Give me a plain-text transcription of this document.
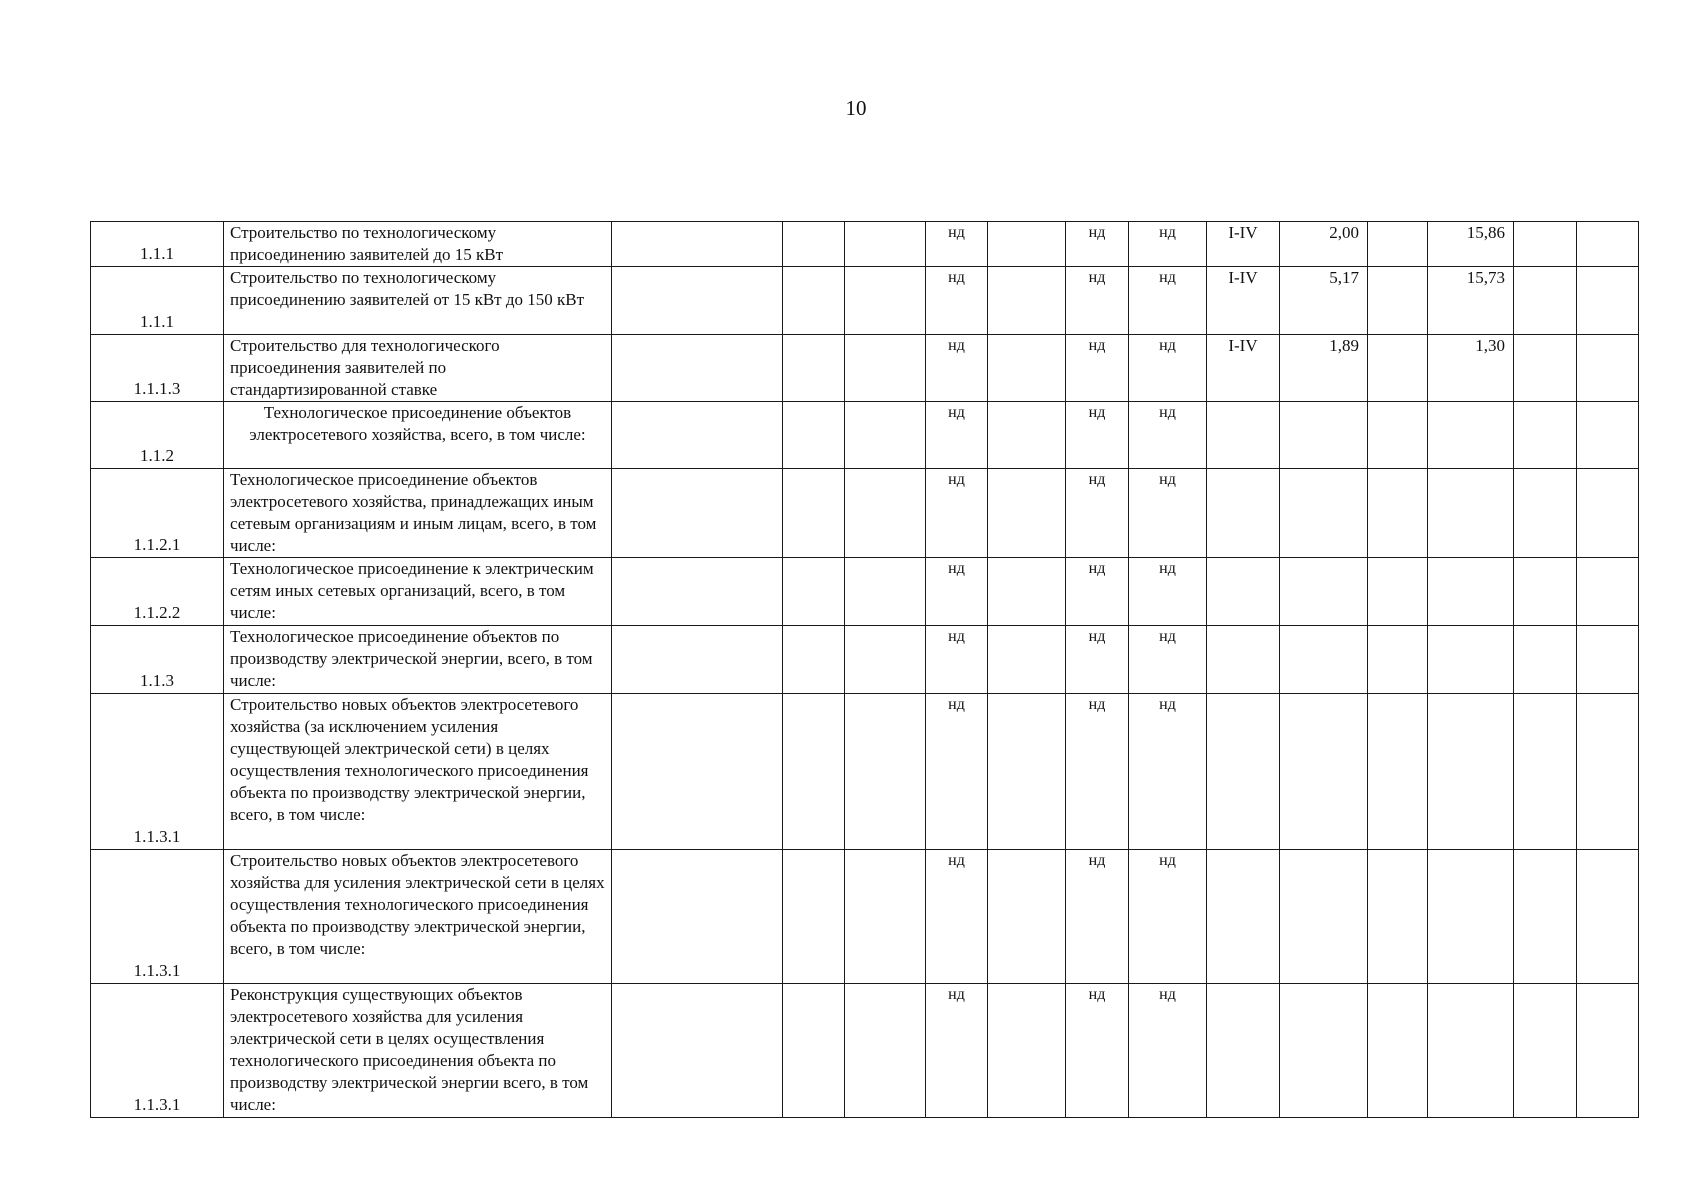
10
1.1.1	Строительство по технологическому присоединению заявителей до 15 кВт				нд		нд	нд	I-IV	2,00		15,86		
1.1.1	Строительство по технологическому присоединению заявителей от 15 кВт до 150 кВт				нд		нд	нд	I-IV	5,17		15,73		
1.1.1.3	Строительство для технологического присоединения заявителей по стандартизированной ставке				нд		нд	нд	I-IV	1,89		1,30		
1.1.2	Технологическое присоединение объектов электросетевого хозяйства, всего, в том числе:				нд		нд	нд						
1.1.2.1	Технологическое присоединение объектов электросетевого хозяйства, принадлежащих иным сетевым организациям и иным лицам, всего, в том числе:				нд		нд	нд						
1.1.2.2	Технологическое присоединение к электрическим сетям иных сетевых организаций, всего, в том числе:				нд		нд	нд						
1.1.3	Технологическое присоединение объектов по производству электрической энергии, всего, в том числе:				нд		нд	нд						
1.1.3.1	Строительство новых объектов электросетевого хозяйства (за исключением усиления существующей электрической сети) в целях осуществления технологического присоединения объекта по производству электрической энергии, всего, в том числе:				нд		нд	нд						
1.1.3.1	Строительство новых объектов электросетевого хозяйства для усиления электрической сети в целях осуществления технологического присоединения объекта по производству электрической энергии, всего, в том числе:				нд		нд	нд						
1.1.3.1	Реконструкция существующих объектов электросетевого хозяйства для усиления электрической сети в целях осуществления технологического присоединения объекта по производству электрической энергии всего, в том числе:				нд		нд	нд						
